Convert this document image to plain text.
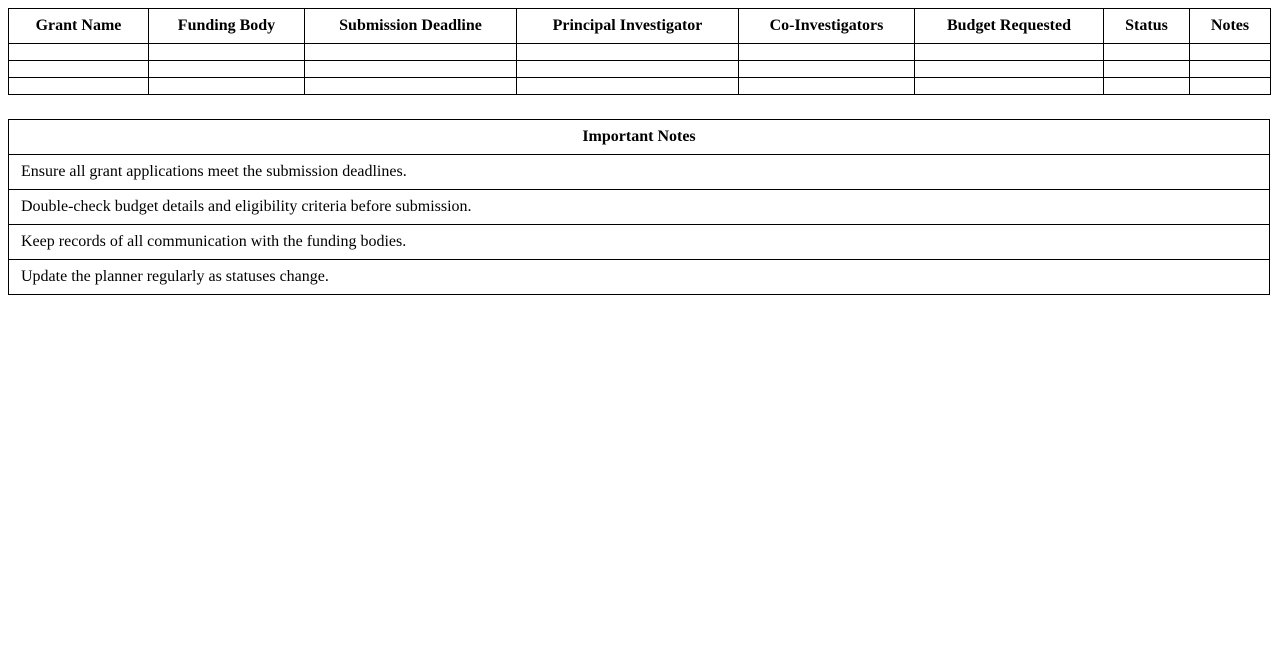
Grant Name	Funding Body	Submission Deadline	Principal Investigator	Co-Investigators	Budget Requested	Status	Notes

Important Notes
Ensure all grant applications meet the submission deadlines.
Double-check budget details and eligibility criteria before submission.
Keep records of all communication with the funding bodies.
Update the planner regularly as statuses change.
